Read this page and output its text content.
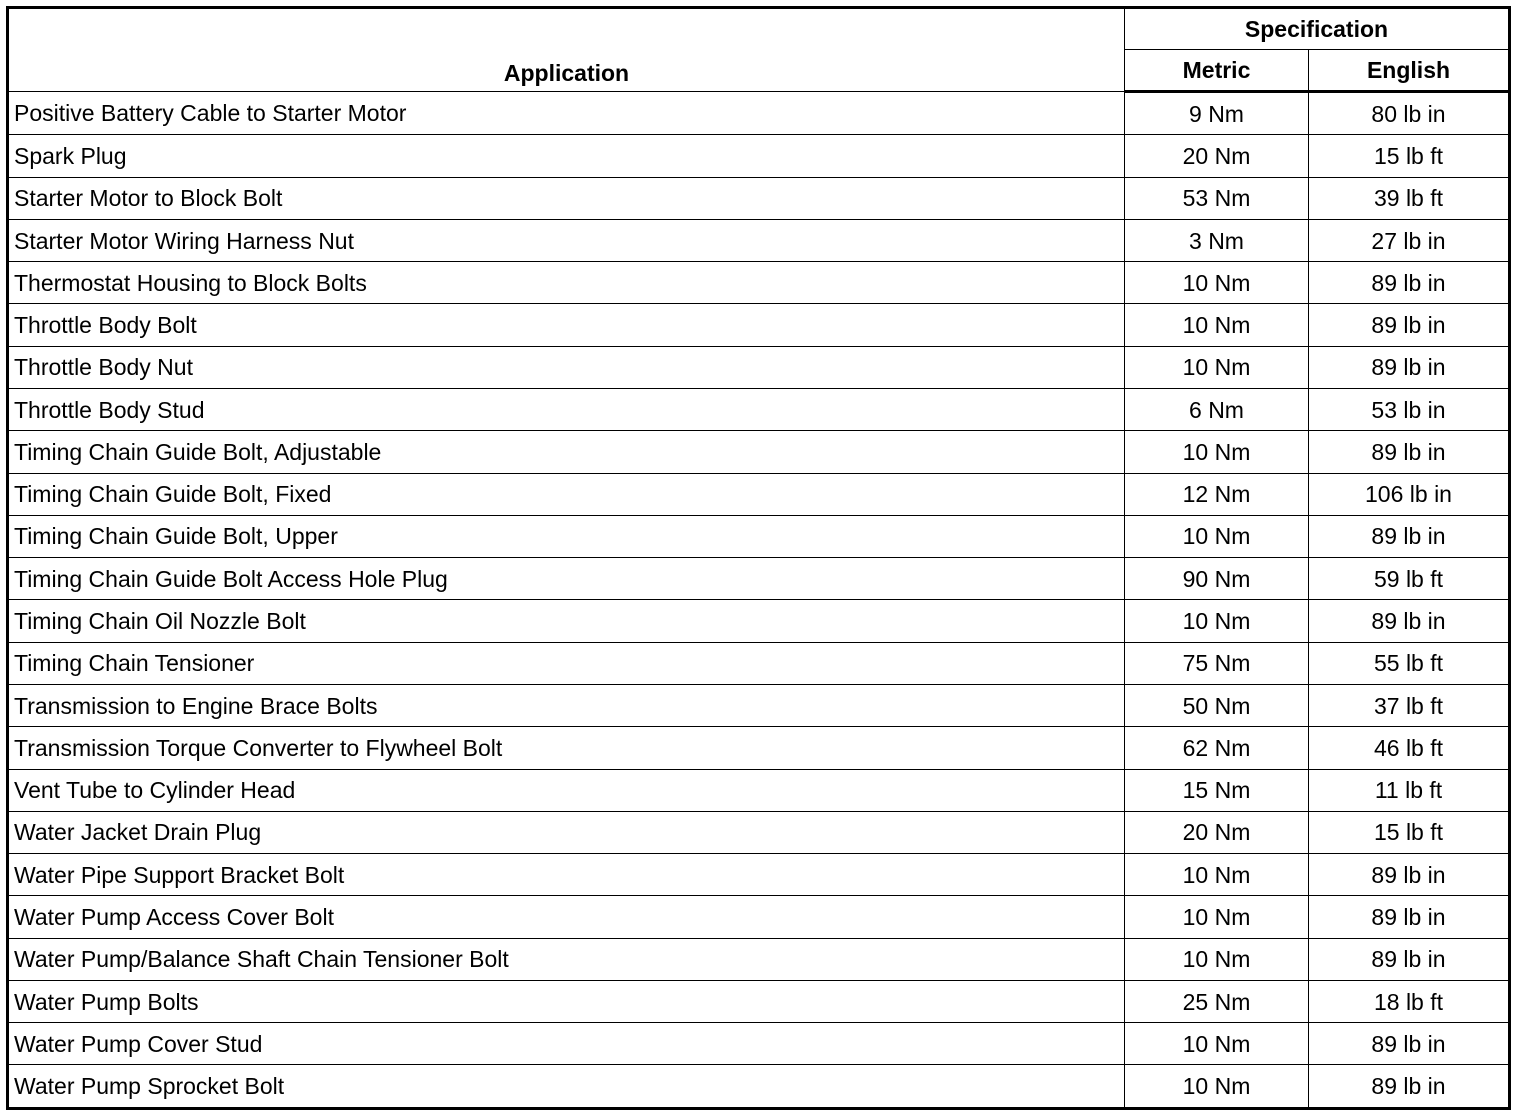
Application	Specification	
	Metric	English
Positive Battery Cable to Starter Motor	9 Nm	80 lb in
Spark Plug	20 Nm	15 lb ft
Starter Motor to Block Bolt	53 Nm	39 lb ft
Starter Motor Wiring Harness Nut	3 Nm	27 lb in
Thermostat Housing to Block Bolts	10 Nm	89 lb in
Throttle Body Bolt	10 Nm	89 lb in
Throttle Body Nut	10 Nm	89 lb in
Throttle Body Stud	6 Nm	53 lb in
Timing Chain Guide Bolt, Adjustable	10 Nm	89 lb in
Timing Chain Guide Bolt, Fixed	12 Nm	106 lb in
Timing Chain Guide Bolt, Upper	10 Nm	89 lb in
Timing Chain Guide Bolt Access Hole Plug	90 Nm	59 lb ft
Timing Chain Oil Nozzle Bolt	10 Nm	89 lb in
Timing Chain Tensioner	75 Nm	55 lb ft
Transmission to Engine Brace Bolts	50 Nm	37 lb ft
Transmission Torque Converter to Flywheel Bolt	62 Nm	46 lb ft
Vent Tube to Cylinder Head	15 Nm	11 lb ft
Water Jacket Drain Plug	20 Nm	15 lb ft
Water Pipe Support Bracket Bolt	10 Nm	89 lb in
Water Pump Access Cover Bolt	10 Nm	89 lb in
Water Pump/Balance Shaft Chain Tensioner Bolt	10 Nm	89 lb in
Water Pump Bolts	25 Nm	18 lb ft
Water Pump Cover Stud	10 Nm	89 lb in
Water Pump Sprocket Bolt	10 Nm	89 lb in
